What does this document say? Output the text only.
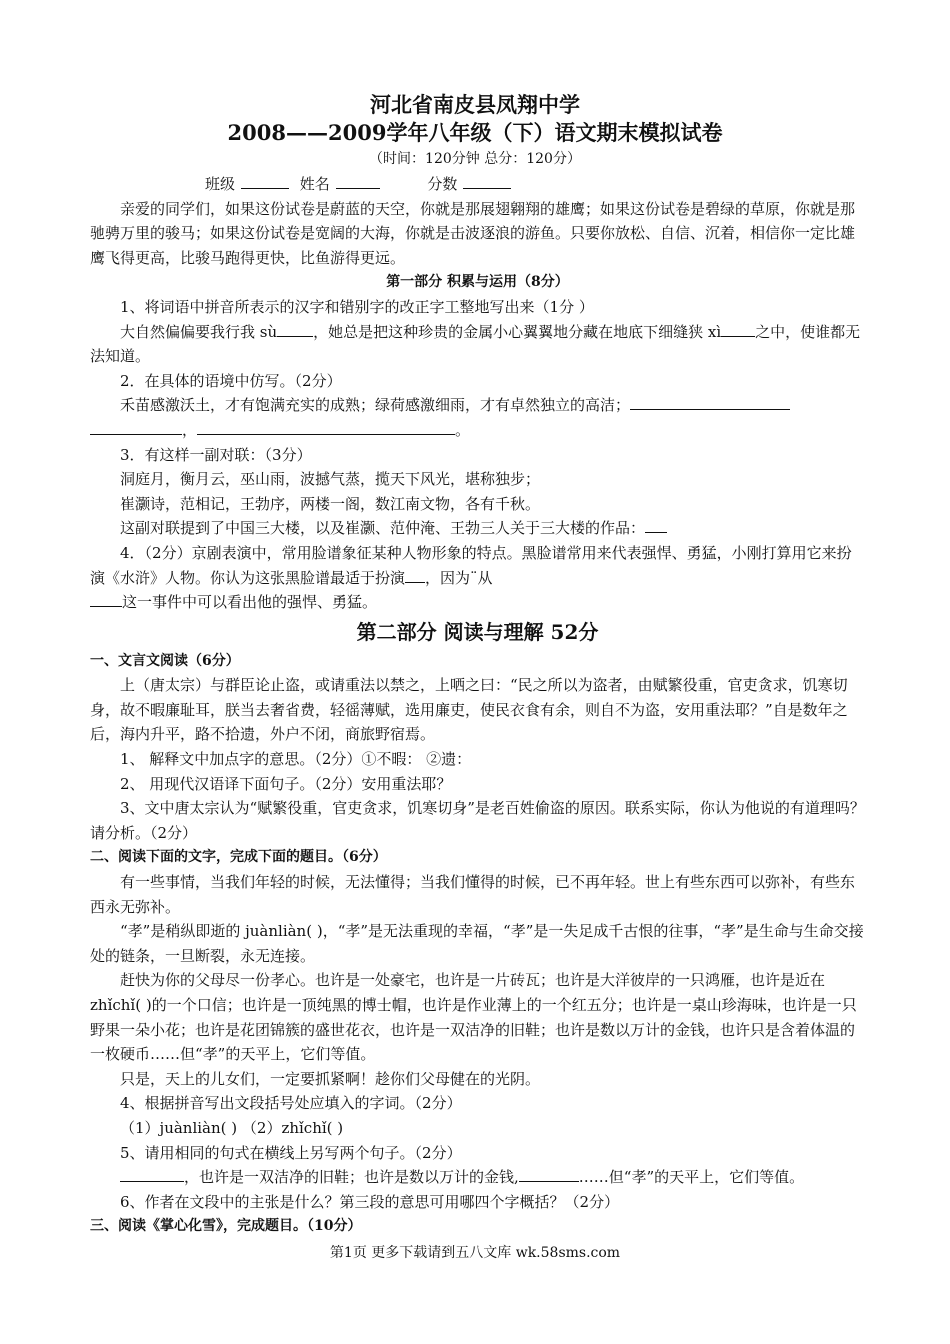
河北省南皮县凤翔中学
2008——2009学年八年级（下）语文期末模拟试卷
（时间：120分钟 总分：120分）

班级	姓名	分数

亲爱的同学们，如果这份试卷是蔚蓝的天空，你就是那展翅翱翔的雄鹰；如果这份试卷是碧绿的草原，你就是那驰骋万里的骏马；如果这份试卷是宽阔的大海，你就是击波逐浪的游鱼。只要你放松、自信、沉着，相信你一定比雄鹰飞得更高，比骏马跑得更快，比鱼游得更远。

第一部分 积累与运用（8分）

1、将词语中拼音所表示的汉字和错别字的改正字工整地写出来（1分 ）

大自然偏偏要我行我 sù ，她总是把这种珍贵的金属小心翼翼地分藏在地底下细缝狭 xì 之中，使谁都无法知道。

2．在具体的语境中仿写。（2分）

禾苗感激沃土，才有饱满充实的成熟；绿荷感激细雨，才有卓然独立的高洁；

，	。

3．有这样一副对联：（3分）

洞庭月，衡月云，巫山雨，波撼气蒸，揽天下风光，堪称独步；

崔灏诗，范相记，王勃序，两楼一阁，数江南文物，各有千秋。

这副对联提到了中国三大楼，以及崔灏、范仲淹、王勃三人关于三大楼的作品：

4．（2分）京剧表演中，常用脸谱象征某种人物形象的特点。黑脸谱常用来代表强悍、勇猛，小刚打算用它来扮演《水浒》人物。你认为这张黑脸谱最适于扮演 ，因为¨从

这一事件中可以看出他的强悍、勇猛。

第二部分 阅读与理解 52分

一、文言文阅读（6分）

上（唐太宗）与群臣论止盗，或请重法以禁之，上哂之曰：“民之所以为盗者，由赋繁役重，官吏贪求，饥寒切身，故不暇廉耻耳，朕当去奢省费，轻徭薄赋，选用廉吏，使民衣食有余，则自不为盗，安用重法耶？”自是数年之后，海内升平，路不拾遗，外户不闭，商旅野宿焉。

1、 解释文中加点字的意思。（2分）①不暇： ②遗：

2、 用现代汉语译下面句子。（2分）安用重法耶？

3、文中唐太宗认为“赋繁役重，官吏贪求，饥寒切身”是老百姓偷盗的原因。联系实际，你认为他说的有道理吗？请分析。（2分）

二、阅读下面的文字，完成下面的题目。（6分）

有一些事情，当我们年轻的时候，无法懂得；当我们懂得的时候，已不再年轻。世上有些东西可以弥补，有些东西永无弥补。

“孝”是稍纵即逝的 juànliàn( )，“孝”是无法重现的幸福，“孝”是一失足成千古恨的往事，“孝”是生命与生命交接处的链条，一旦断裂，永无连接。

赶快为你的父母尽一份孝心。也许是一处豪宅，也许是一片砖瓦；也许是大洋彼岸的一只鸿雁，也许是近在 zhǐchǐ( )的一个口信；也许是一顶纯黑的博士帽，也许是作业薄上的一个红五分；也许是一桌山珍海味，也许是一只野果一朵小花；也许是花团锦簇的盛世花衣，也许是一双洁净的旧鞋；也许是数以万计的金钱，也许只是含着体温的一枚硬币……但“孝”的天平上，它们等值。

只是，天上的儿女们，一定要抓紧啊！趁你们父母健在的光阴。

4、根据拼音写出文段括号处应填入的字词。（2分）

（1）juànliàn( ) （2）zhǐchǐ( )

5、请用相同的句式在横线上另写两个句子。（2分）

，也许是一双洁净的旧鞋；也许是数以万计的金钱,	……但“孝”的天平上，它们等值。

6、作者在文段中的主张是什么？第三段的意思可用哪四个字概括？（2分）

三、阅读《掌心化雪》，完成题目。（10分）

第1页 更多下载请到五八文库 wk.58sms.com
